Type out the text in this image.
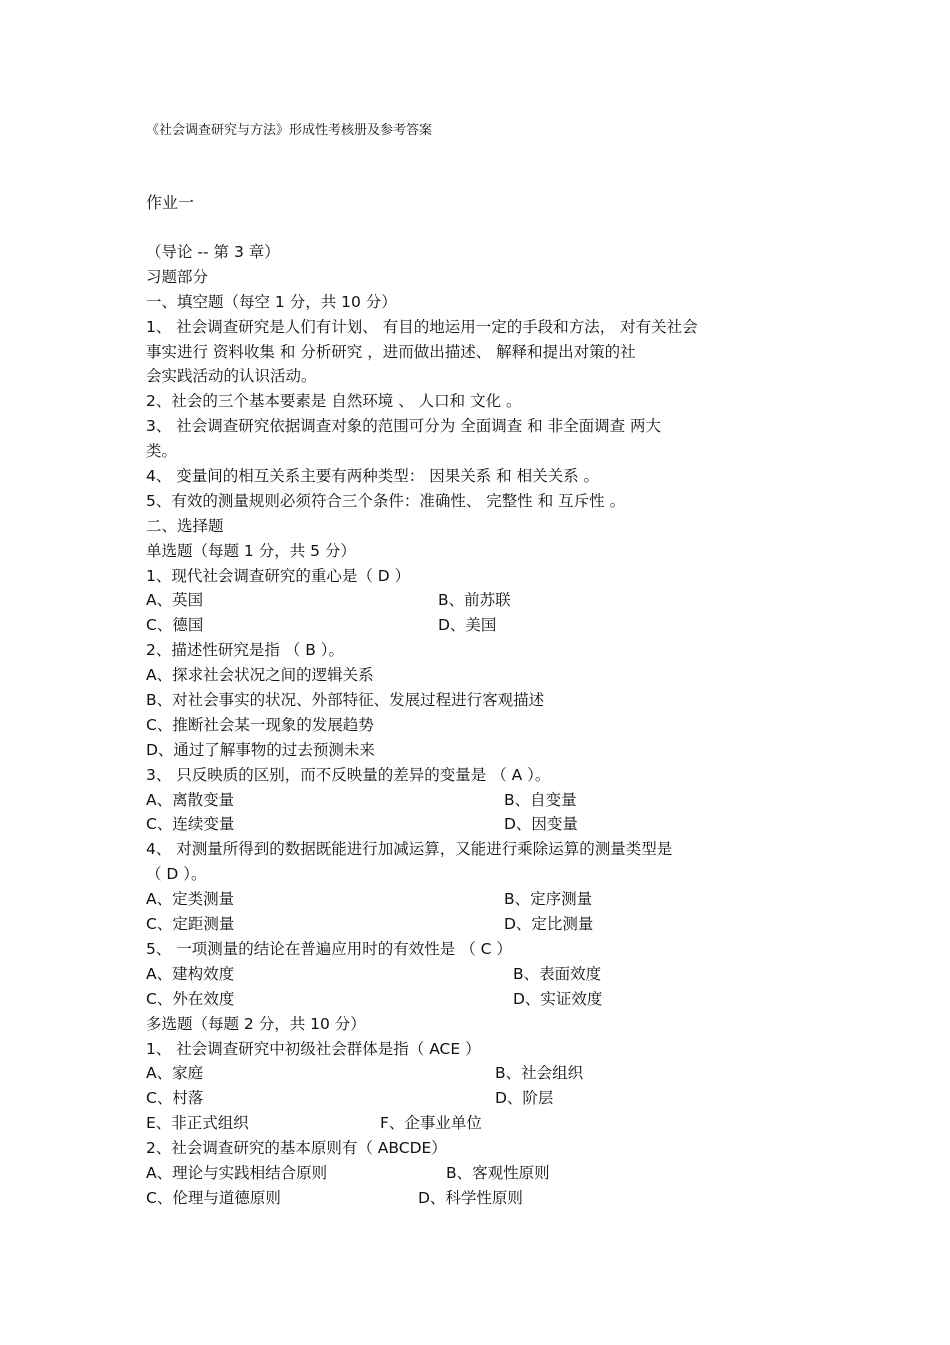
《社会调查研究与方法》形成性考核册及参考答案
作业一
（导论 -- 第 3 章）
习题部分
一、填空题（每空 1 分，共 10 分）
1、 社会调查研究是人们有计划、 有目的地运用一定的手段和方法， 对有关社会
事实进行 资料收集 和 分析研究 ，进而做出描述、 解释和提出对策的社
会实践活动的认识活动。
2、社会的三个基本要素是 自然环境 、 人口和 文化 。
3、 社会调查研究依据调查对象的范围可分为 全面调查 和 非全面调查 两大
类。
4、 变量间的相互关系主要有两种类型： 因果关系 和 相关关系 。
5、有效的测量规则必须符合三个条件：准确性、 完整性 和 互斥性 。
二、选择题
单选题（每题 1 分，共 5 分）
1、现代社会调查研究的重心是（ D ）
A、英国	B、前苏联
C、德国	D、美国
2、描述性研究是指 （ B ）。
A、探求社会状况之间的逻辑关系
B、对社会事实的状况、外部特征、发展过程进行客观描述
C、推断社会某一现象的发展趋势
D、通过了解事物的过去预测未来
3、 只反映质的区别，而不反映量的差异的变量是 （ A ）。
A、离散变量	B、自变量
C、连续变量	D、因变量
4、 对测量所得到的数据既能进行加减运算，又能进行乘除运算的测量类型是
（ D ）。
A、定类测量	B、定序测量
C、定距测量	D、定比测量
5、 一项测量的结论在普遍应用时的有效性是 （ C ）
A、建构效度	B、表面效度
C、外在效度	D、实证效度
多选题（每题 2 分，共 10 分）
1、 社会调查研究中初级社会群体是指（ ACE ）
A、家庭	B、社会组织
C、村落	D、阶层
E、非正式组织	F、企事业单位
2、社会调查研究的基本原则有（ ABCDE）
A、理论与实践相结合原则	B、客观性原则
C、伦理与道德原则	D、科学性原则
